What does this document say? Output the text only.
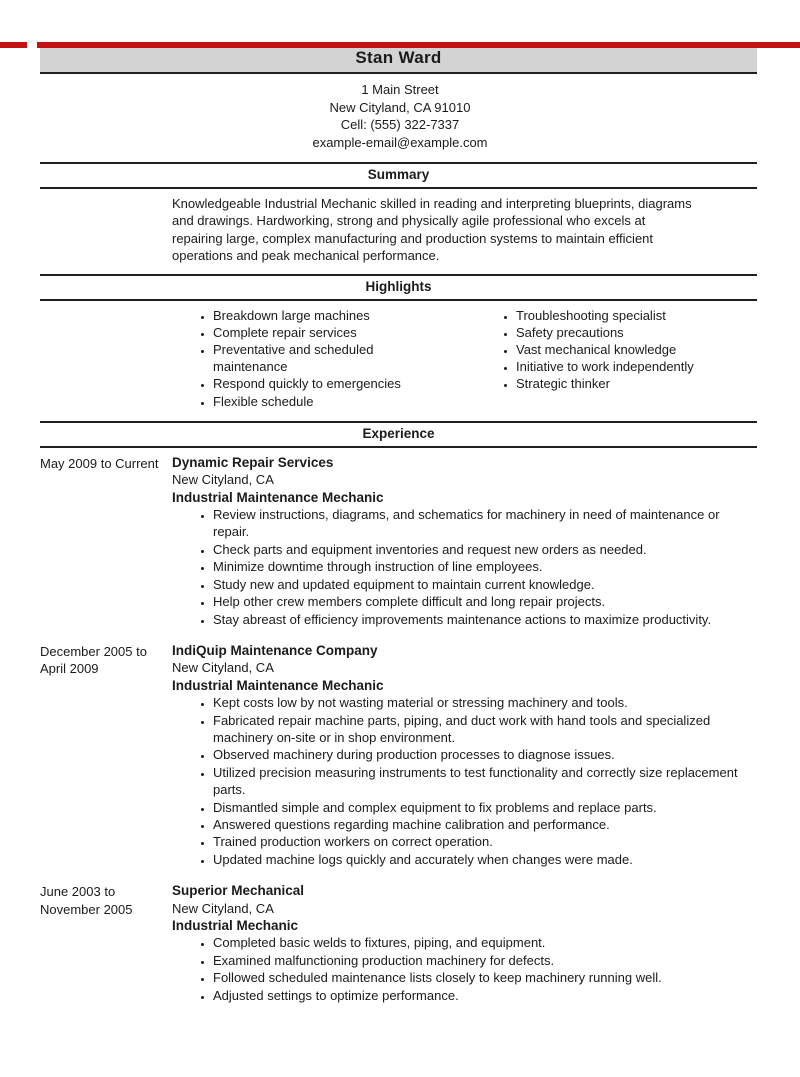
Stan Ward
1 Main Street
New Cityland, CA 91010
Cell: (555) 322-7337
example-email@example.com
Summary
Knowledgeable Industrial Mechanic skilled in reading and interpreting blueprints, diagrams
and drawings. Hardworking, strong and physically agile professional who excels at
repairing large, complex manufacturing and production systems to maintain efficient
operations and peak mechanical performance.
Highlights
• Breakdown large machines
• Complete repair services
• Preventative and scheduled maintenance
• Respond quickly to emergencies
• Flexible schedule
• Troubleshooting specialist
• Safety precautions
• Vast mechanical knowledge
• Initiative to work independently
• Strategic thinker
Experience
May 2009 to Current Dynamic Repair Services
New Cityland, CA
Industrial Maintenance Mechanic
• Review instructions, diagrams, and schematics for machinery in need of maintenance or repair.
• Check parts and equipment inventories and request new orders as needed.
• Minimize downtime through instruction of line employees.
• Study new and updated equipment to maintain current knowledge.
• Help other crew members complete difficult and long repair projects.
• Stay abreast of efficiency improvements maintenance actions to maximize productivity.
December 2005 to April 2009
IndiQuip Maintenance Company
New Cityland, CA
Industrial Maintenance Mechanic
• Kept costs low by not wasting material or stressing machinery and tools.
• Fabricated repair machine parts, piping, and duct work with hand tools and specialized machinery on-site or in shop environment.
• Observed machinery during production processes to diagnose issues.
• Utilized precision measuring instruments to test functionality and correctly size replacement parts.
• Dismantled simple and complex equipment to fix problems and replace parts.
• Answered questions regarding machine calibration and performance.
• Trained production workers on correct operation.
• Updated machine logs quickly and accurately when changes were made.
June 2003 to November 2005
Superior Mechanical
New Cityland, CA
Industrial Mechanic
• Completed basic welds to fixtures, piping, and equipment.
• Examined malfunctioning production machinery for defects.
• Followed scheduled maintenance lists closely to keep machinery running well.
• Adjusted settings to optimize performance.
